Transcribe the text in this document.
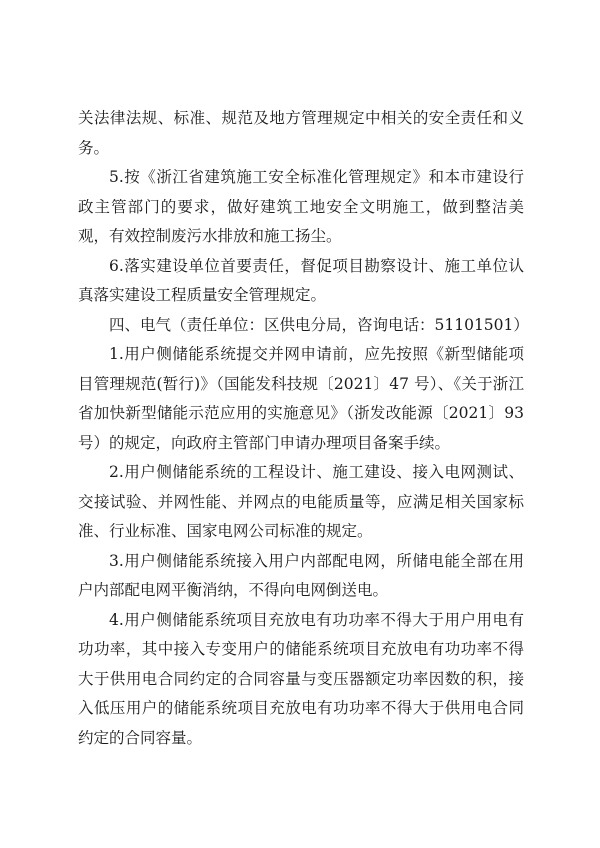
关法律法规、标准、规范及地方管理规定中相关的安全责任和义务。

5.按《浙江省建筑施工安全标准化管理规定》和本市建设行政主管部门的要求，做好建筑工地安全文明施工，做到整洁美观，有效控制废污水排放和施工扬尘。

6.落实建设单位首要责任，督促项目勘察设计、施工单位认真落实建设工程质量安全管理规定。

四、电气（责任单位：区供电分局，咨询电话：51101501）

1.用户侧储能系统提交并网申请前，应先按照《新型储能项目管理规范(暂行)》（国能发科技规〔2021〕47 号）、《关于浙江省加快新型储能示范应用的实施意见》（浙发改能源〔2021〕93 号）的规定，向政府主管部门申请办理项目备案手续。

2.用户侧储能系统的工程设计、施工建设、接入电网测试、交接试验、并网性能、并网点的电能质量等，应满足相关国家标准、行业标准、国家电网公司标准的规定。

3.用户侧储能系统接入用户内部配电网，所储电能全部在用户内部配电网平衡消纳，不得向电网倒送电。

4.用户侧储能系统项目充放电有功功率不得大于用户用电有功功率，其中接入专变用户的储能系统项目充放电有功功率不得大于供用电合同约定的合同容量与变压器额定功率因数的积，接入低压用户的储能系统项目充放电有功功率不得大于供用电合同约定的合同容量。
